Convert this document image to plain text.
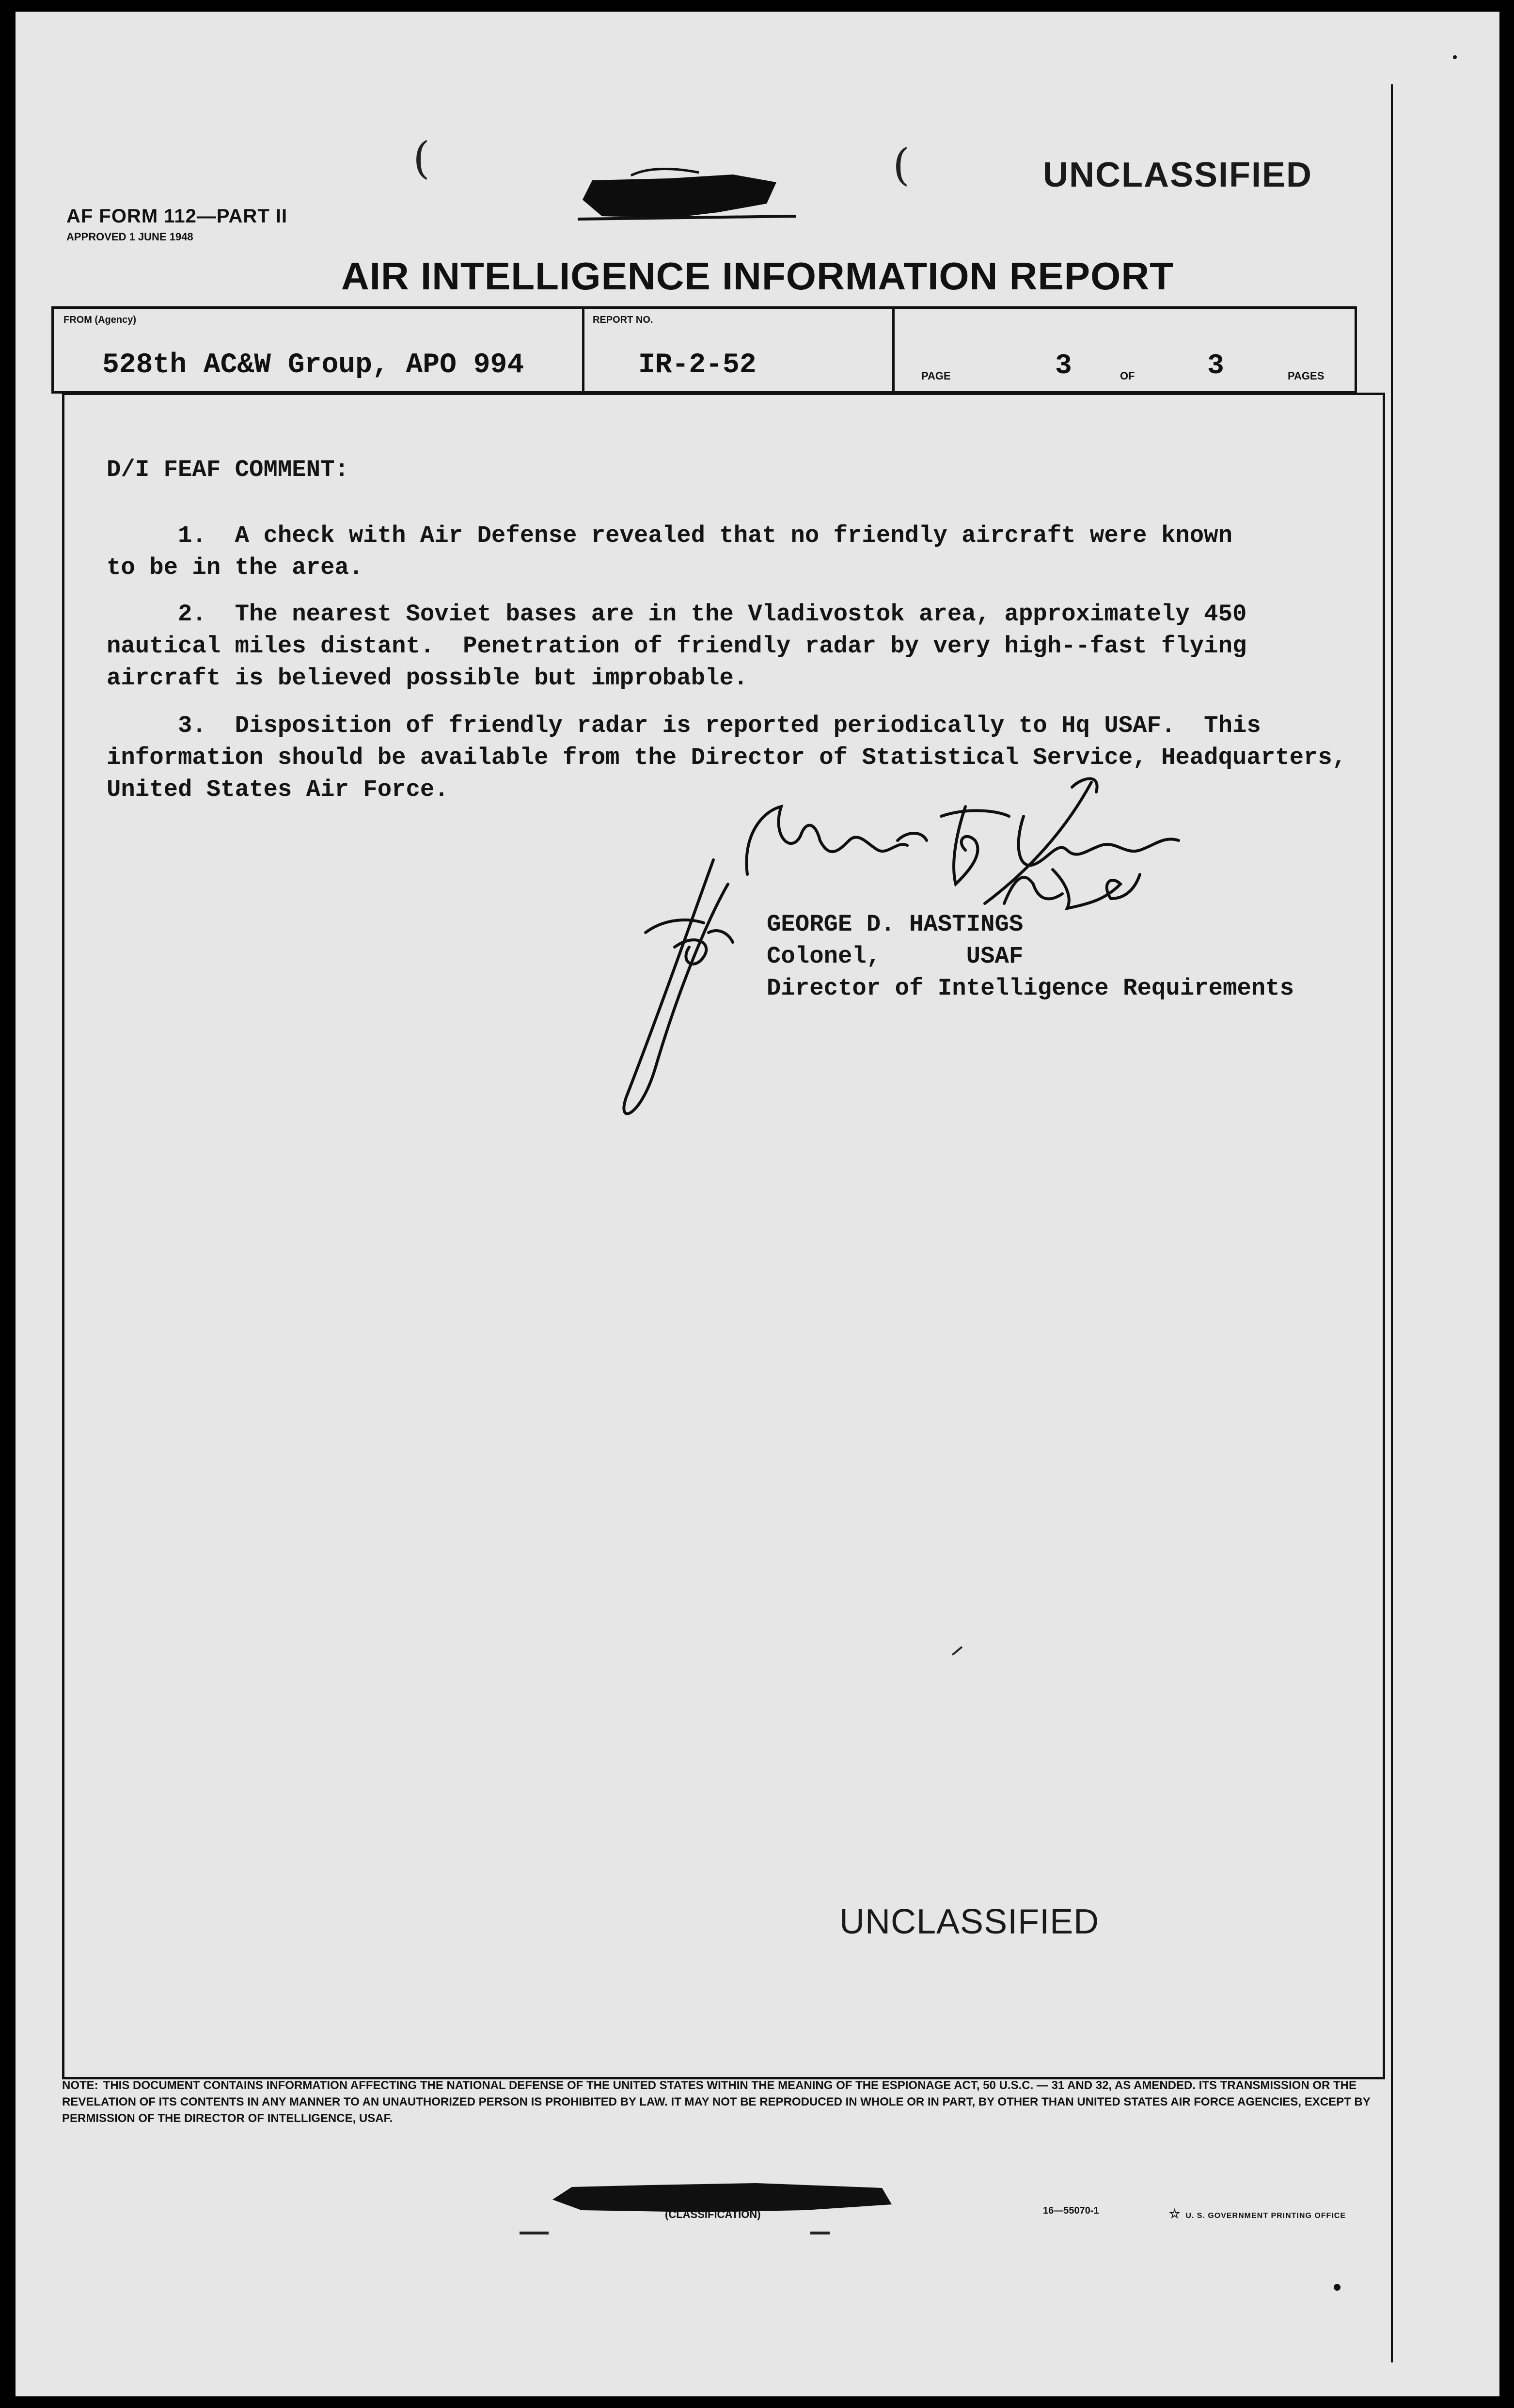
(	(
AF FORM 112—PART II
APPROVED 1 JUNE 1948
UNCLASSIFIED
AIR INTELLIGENCE INFORMATION REPORT
FROM (Agency)
528th AC&W Group, APO 994
REPORT NO.
IR-2-52	PAGE	3	OF	3	PAGES
D/I FEAF COMMENT:
1.  A check with Air Defense revealed that no friendly aircraft were known
to be in the area.
2.  The nearest Soviet bases are in the Vladivostok area, approximately 450
nautical miles distant.  Penetration of friendly radar by very high--fast flying
aircraft is believed possible but improbable.
3.  Disposition of friendly radar is reported periodically to Hq USAF.  This
information should be available from the Director of Statistical Service, Headquarters,
United States Air Force.
GEORGE D. HASTINGS
Colonel,      USAF
Director of Intelligence Requirements
UNCLASSIFIED
NOTE: THIS DOCUMENT CONTAINS INFORMATION AFFECTING THE NATIONAL DEFENSE OF THE UNITED STATES WITHIN THE MEANING OF THE ESPIONAGE ACT, 50 U.S.C. — 31 AND 32, AS AMENDED. ITS TRANSMISSION OR THE REVELATION OF ITS CONTENTS IN ANY MANNER TO AN UNAUTHORIZED PERSON IS PROHIBITED BY LAW. IT MAY NOT BE REPRODUCED IN WHOLE OR IN PART, BY OTHER THAN UNITED STATES AIR FORCE AGENCIES, EXCEPT BY PERMISSION OF THE DIRECTOR OF INTELLIGENCE, USAF.
(CLASSIFICATION)	16—55070-1	☆ U. S. GOVERNMENT PRINTING OFFICE
